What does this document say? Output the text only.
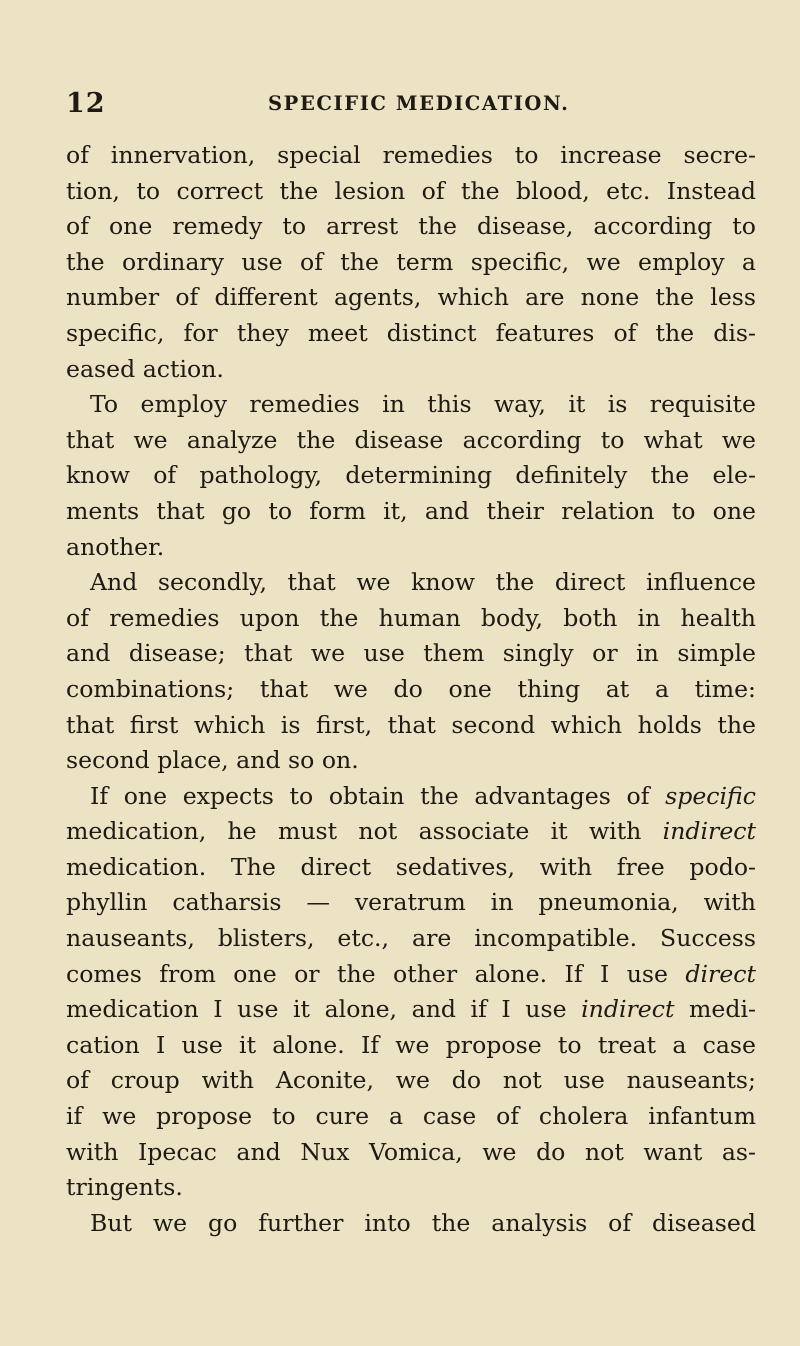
12	SPECIFIC MEDICATION.
of innervation, special remedies to increase secre-
tion, to correct the lesion of the blood, etc. Instead
of one remedy to arrest the disease, according to
the ordinary use of the term specific, we employ a
number of different agents, which are none the less
specific, for they meet distinct features of the dis-
eased action.
To employ remedies in this way, it is requisite
that we analyze the disease according to what we
know of pathology, determining definitely the ele-
ments that go to form it, and their relation to one
another.
And secondly, that we know the direct influence
of remedies upon the human body, both in health
and disease; that we use them singly or in simple
combinations; that we do one thing at a time:
that first which is first, that second which holds the
second place, and so on.
If one expects to obtain the advantages of specific
medication, he must not associate it with indirect
medication. The direct sedatives, with free podo-
phyllin catharsis — veratrum in pneumonia, with
nauseants, blisters, etc., are incompatible. Success
comes from one or the other alone. If I use direct
medication I use it alone, and if I use indirect medi-
cation I use it alone. If we propose to treat a case
of croup with Aconite, we do not use nauseants;
if we propose to cure a case of cholera infantum
with Ipecac and Nux Vomica, we do not want as-
tringents.
But we go further into the analysis of diseased
